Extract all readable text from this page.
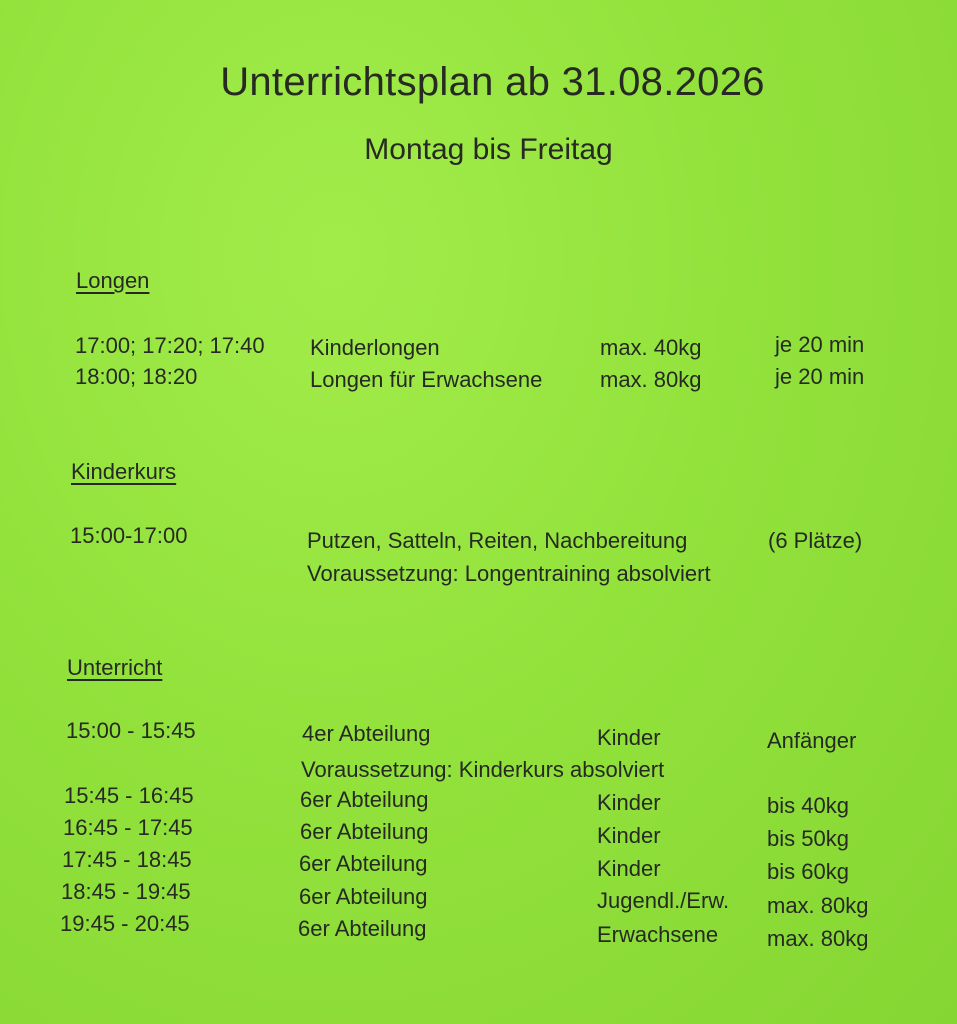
Unterrichtsplan ab 31.08.2026
Montag bis Freitag
Longen
17:00; 17:20; 17:40 Kinderlongen	max. 40kg	je 20 min
18:00; 18:20	Longen für Erwachsene	max. 80kg	je 20 min
Kinderkurs
15:00-17:00	Putzen, Satteln, Reiten, Nachbereitung	(6 Plätze)
Voraussetzung: Longentraining absolviert
Unterricht
15:00 - 15:45	4er Abteilung	Kinder	Anfänger
Voraussetzung: Kinderkurs absolviert
15:45 - 16:45	6er Abteilung	Kinder	bis 40kg
16:45 - 17:45	6er Abteilung	Kinder	bis 50kg
17:45 - 18:45	6er Abteilung	Kinder	bis 60kg
18:45 - 19:45	6er Abteilung	Jugendl./Erw. max. 80kg
19:45 - 20:45	6er Abteilung	Erwachsene max. 80kg
